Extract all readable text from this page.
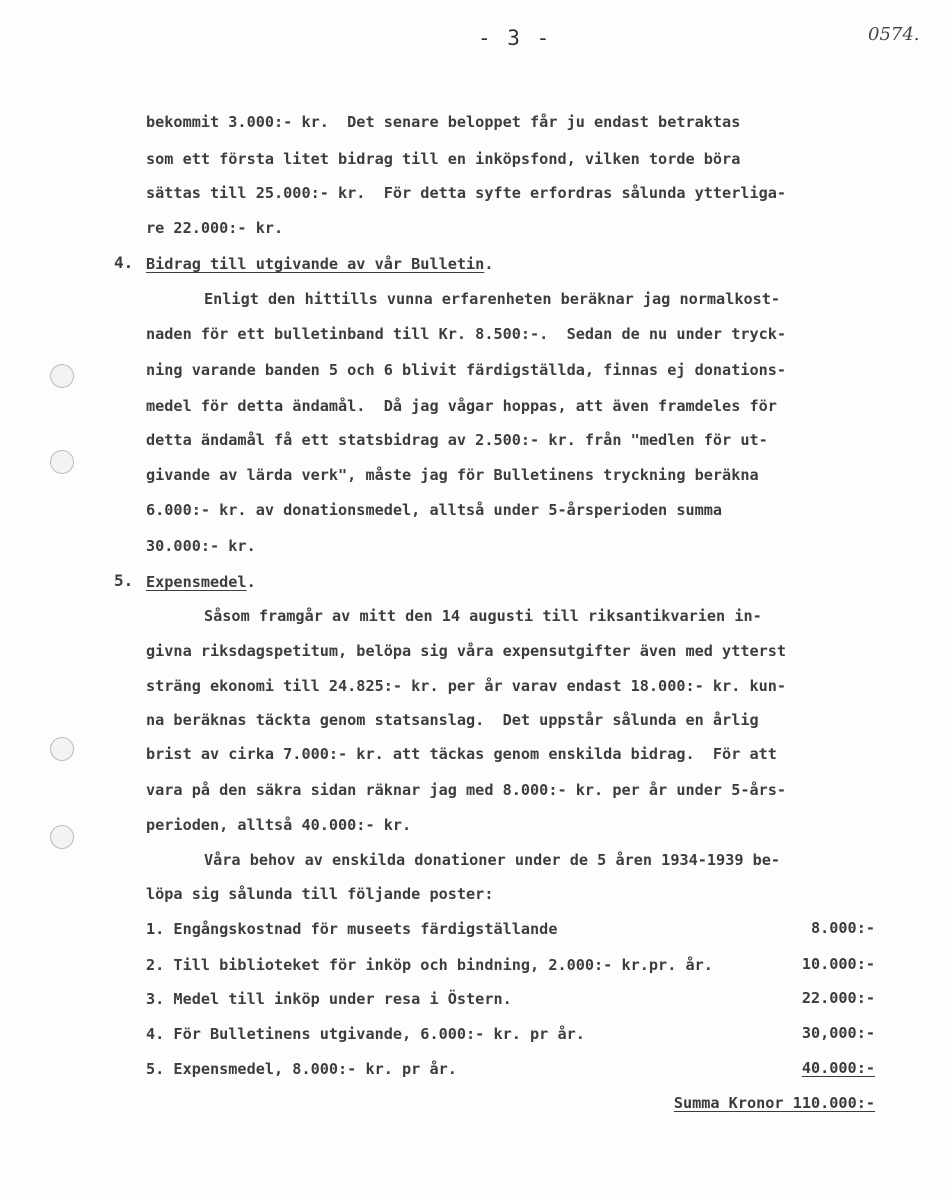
- 3 -	0574.
bekommit 3.000:- kr.  Det senare beloppet får ju endast betraktas
som ett första litet bidrag till en inköpsfond, vilken torde böra
sättas till 25.000:- kr.  För detta syfte erfordras sålunda ytterliga-
re 22.000:- kr.
4. Bidrag till utgivande av vår Bulletin.
Enligt den hittills vunna erfarenheten beräknar jag normalkost-
naden för ett bulletinband till Kr. 8.500:-.  Sedan de nu under tryck-
ning varande banden 5 och 6 blivit färdigställda, finnas ej donations-
medel för detta ändamål.  Då jag vågar hoppas, att även framdeles för
detta ändamål få ett statsbidrag av 2.500:- kr. från "medlen för ut-
givande av lärda verk", måste jag för Bulletinens tryckning beräkna
6.000:- kr. av donationsmedel, alltså under 5-årsperioden summa
30.000:- kr.
5. Expensmedel.
Såsom framgår av mitt den 14 augusti till riksantikvarien in-
givna riksdagspetitum, belöpa sig våra expensutgifter även med ytterst
sträng ekonomi till 24.825:- kr. per år varav endast 18.000:- kr. kun-
na beräknas täckta genom statsanslag.  Det uppstår sålunda en årlig
brist av cirka 7.000:- kr. att täckas genom enskilda bidrag.  För att
vara på den säkra sidan räknar jag med 8.000:- kr. per år under 5-års-
perioden, alltså 40.000:- kr.
Våra behov av enskilda donationer under de 5 åren 1934-1939 be-
löpa sig sålunda till följande poster:
1. Engångskostnad för museets färdigställande	8.000:-
2. Till biblioteket för inköp och bindning, 2.000:- kr.pr. år.	10.000:-
3. Medel till inköp under resa i Östern.	22.000:-
4. För Bulletinens utgivande, 6.000:- kr. pr år.	30,000:-
5. Expensmedel, 8.000:- kr. pr år.	40.000:-
Summa Kronor 110.000:-
